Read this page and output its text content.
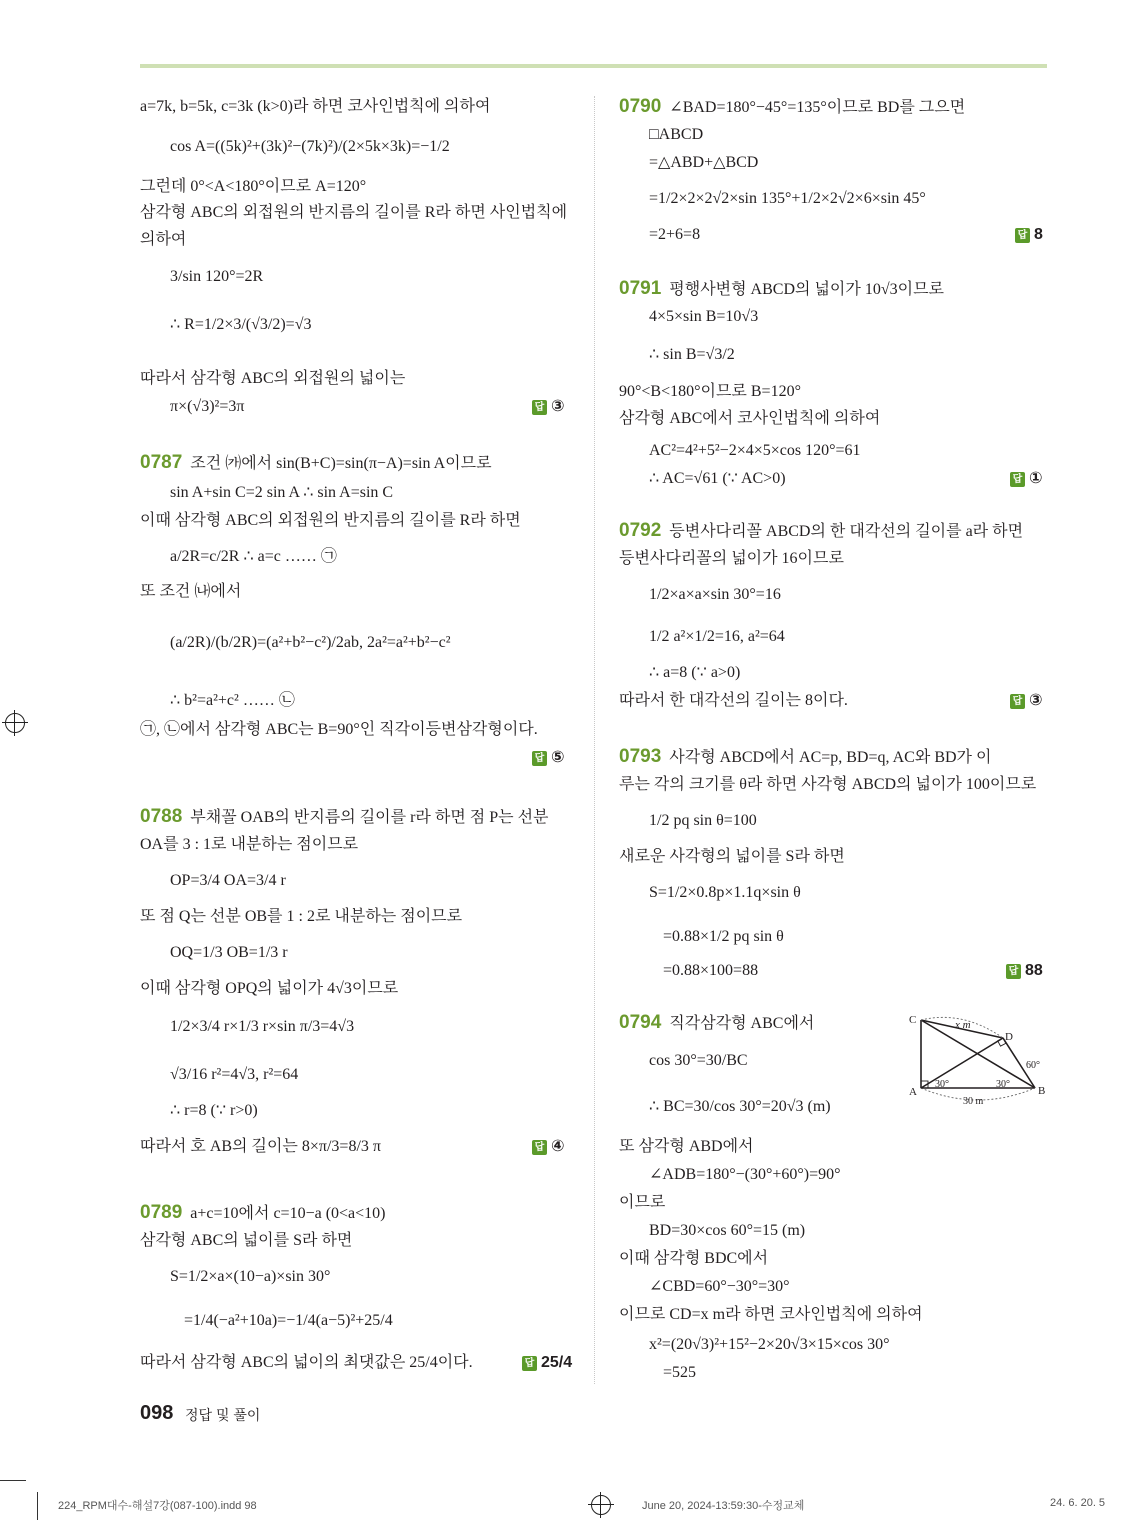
a=7k, b=5k, c=3k (k>0)라 하면 코사인법칙에 의하여
cos A=((5k)²+(3k)²−(7k)²)/(2×5k×3k)=−1/2
그런데 0°<A<180°이므로 A=120°
삼각형 ABC의 외접원의 반지름의 길이를 R라 하면 사인법칙에
의하여
3/sin 120°=2R
∴ R=1/2×3/(√3/2)=√3
따라서 삼각형 ABC의 외접원의 넓이는
π×(√3)²=3π
0787 조건 ㈎에서 sin(B+C)=sin(π−A)=sin A이므로
sin A+sin C=2 sin A ∴ sin A=sin C
이때 삼각형 ABC의 외접원의 반지름의 길이를 R라 하면
a/2R=c/2R ∴ a=c …… ㉠
또 조건 ㈏에서
(a/2R)/(b/2R)=(a²+b²−c²)/2ab, 2a²=a²+b²−c²
∴ b²=a²+c² …… ㉡
㉠, ㉡에서 삼각형 ABC는 B=90°인 직각이등변삼각형이다.
0788 부채꼴 OAB의 반지름의 길이를 r라 하면 점 P는 선분
OA를 3 : 1로 내분하는 점이므로
OP=3/4 OA=3/4 r
또 점 Q는 선분 OB를 1 : 2로 내분하는 점이므로
OQ=1/3 OB=1/3 r
이때 삼각형 OPQ의 넓이가 4√3이므로
1/2×3/4 r×1/3 r×sin π/3=4√3
√3/16 r²=4√3, r²=64
∴ r=8 (∵ r>0)
따라서 호 AB의 길이는 8×π/3=8/3 π
0789 a+c=10에서 c=10−a (0<a<10)
삼각형 ABC의 넓이를 S라 하면
S=1/2×a×(10−a)×sin 30°
=1/4(−a²+10a)=−1/4(a−5)²+25/4
따라서 삼각형 ABC의 넓이의 최댓값은 25/4이다.
답 ③
답 ⑤
답 ④
답 25/4
0790 ∠BAD=180°−45°=135°이므로 BD를 그으면
□ABCD
=△ABD+△BCD
=1/2×2×2√2×sin 135°+1/2×2√2×6×sin 45°
=2+6=8
0791 평행사변형 ABCD의 넓이가 10√3이므로
4×5×sin B=10√3
∴ sin B=√3/2
90°<B<180°이므로 B=120°
삼각형 ABC에서 코사인법칙에 의하여
AC²=4²+5²−2×4×5×cos 120°=61
∴ AC=√61 (∵ AC>0)
0792 등변사다리꼴 ABCD의 한 대각선의 길이를 a라 하면
등변사다리꼴의 넓이가 16이므로
1/2×a×a×sin 30°=16
1/2 a²×1/2=16, a²=64
∴ a=8 (∵ a>0)
따라서 한 대각선의 길이는 8이다.
0793 사각형 ABCD에서 AC=p, BD=q, AC와 BD가 이
루는 각의 크기를 θ라 하면 사각형 ABCD의 넓이가 100이므로
1/2 pq sin θ=100
새로운 사각형의 넓이를 S라 하면
S=1/2×0.8p×1.1q×sin θ
=0.88×1/2 pq sin θ
=0.88×100=88
0794 직각삼각형 ABC에서
cos 30°=30/BC
∴ BC=30/cos 30°=20√3 (m)
또 삼각형 ABD에서
∠ADB=180°−(30°+60°)=90°
이므로
BD=30×cos 60°=15 (m)
이때 삼각형 BDC에서
∠CBD=60°−30°=30°
이므로 CD=x m라 하면 코사인법칙에 의하여
x²=(20√3)²+15²−2×20√3×15×cos 30°
=525
답 8
답 ①
답 ③
답 88
C	x m
D
60°
A
30°	30°
B
30 m
098 정답 및 풀이
224_RPM대수-해설7강(087-100).indd 98	June 20, 2024-13:59:30-수정교체	24. 6. 20. 5
